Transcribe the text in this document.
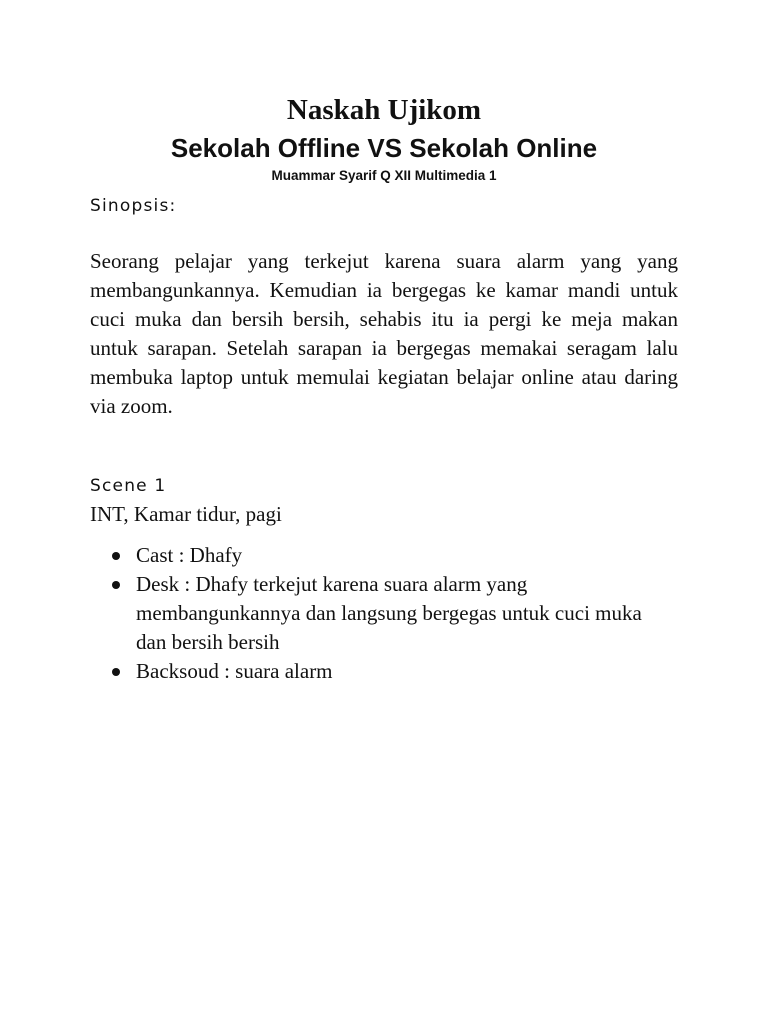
Naskah Ujikom
Sekolah Offline VS Sekolah Online

Muammar Syarif Q XII Multimedia 1

Sinopsis:

Seorang pelajar yang terkejut karena suara alarm yang yang membangunkannya. Kemudian ia bergegas ke kamar mandi untuk cuci muka dan bersih bersih, sehabis itu ia pergi ke meja makan untuk sarapan. Setelah sarapan ia bergegas memakai seragam lalu membuka laptop untuk memulai kegiatan belajar online atau daring via zoom.

Scene 1

INT, Kamar tidur, pagi

Cast : Dhafy
Desk : Dhafy terkejut karena suara alarm yang membangunkannya dan langsung bergegas untuk cuci muka dan bersih bersih
Backsoud : suara alarm
